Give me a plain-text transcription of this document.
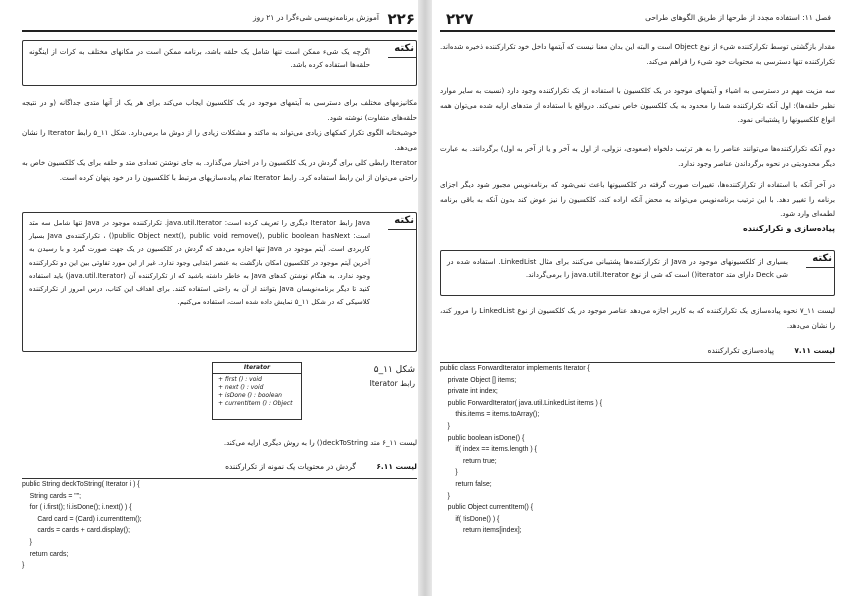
۲۲۶
آموزش برنامه‌نویسی شی‌ءگرا در ۲۱ روز
نکته
اگرچه یک شیء ممکن است تنها شامل یک حلقه باشد، برنامه ممکن است در مکانهای مختلف به کرات از اینگونه حلقه‌ها استفاده کرده باشد.
مکانیزمهای مختلف برای دسترسی به آیتمهای موجود در یک کلکسیون ایجاب می‌کند برای هر یک از آنها متدی جداگانه (و در نتیجه حلقه‌های متفاوت) نوشته شود.
خوشبختانه الگوی تکرار کمکهای زیادی می‌تواند به ماکند و مشکلات زیادی را از دوش ما برمی‌دارد. شکل ۱۱_۵ رابط Iterator را نشان می‌دهد.
Iterator رابطی کلی برای گردش در یک کلکسیون را در اختیار می‌گذارد. به جای نوشتن تعدادی متد و حلقه برای یک کلکسیون خاص به راحتی می‌توان از این رابط استفاده کرد. رابط Iterator تمام پیاده‌سازیهای مرتبط با کلکسیون را در خود پنهان کرده است.
نکته
Java رابط Iterator دیگری را تعریف کرده است: java.util.Iterator. تکرارکننده موجود در Java تنها شامل سه متد است: public Object next(), public void remove(), public boolean hasNext() ، تکرارکننده‌ی Java بسیار کاربردی است. آیتم موجود در Java تنها اجازه می‌دهد که گردش در کلکسیون در یک جهت صورت گیرد و با رسیدن به آخرین آیتم موجود در کلکسیون امکان بازگشت به عنصر ابتدایی وجود ندارد. غیر از این مورد تفاوتی بین این دو تکرارکننده وجود ندارد. به هنگام نوشتن کدهای Java به خاطر داشته باشید که از تکرارکننده آن (java.util.Iterator) باید استفاده کنید تا دیگر برنامه‌نویسان Java بتوانند از آن به راحتی استفاده کنند. برای اهداف این کتاب، درس امروز از تکرارکننده کلاسیکی که در شکل ۱۱_۵ نمایش داده شده است، استفاده می‌کنیم.
شکل ۱۱_۵
رابط Iterator
Iterator
+ first () : void
+ next () : void
+ isDone () : boolean
+ currentItem () : Object
لیست ۱۱_۶ متد deckToString() را به روش دیگری ارایه می‌کند.
لیست ۶.۱۱ گردش در محتویات یک نمونه از تکرارکننده
public String deckToString( Iterator i ) {
String cards = "";
for ( i.first(); !i.isDone(); i.next() ) {
Card card = (Card) i.currentItem();
cards = cards + card.display();
}
return cards;
}
۲۲۷	فصل ۱۱: استفاده مجدد از طرحها از طریق الگوهای طراحی
مقدار بازگشتی توسط تکرارکننده شیء از نوع Object است و البته این بدان معنا نیست که آیتمها داخل خود تکرارکننده ذخیره شده‌اند. تکرارکننده تنها دسترسی به محتویات خود شیء را فراهم می‌کند.
سه مزیت مهم در دسترسی به اشیاء و آیتمهای موجود در یک کلکسیون با استفاده از یک تکرارکننده وجود دارد (نسبت به سایر موارد نظیر حلقه‌ها): اول آنکه تکرارکننده شما را محدود به یک کلکسیون خاص نمی‌کند. درواقع با استفاده از متدهای ارایه شده می‌توان همه انواع کلکسیونها را پشتیبانی نمود.
دوم آنکه تکرارکننده‌ها می‌توانند عناصر را به هر ترتیب دلخواه (صعودی، نزولی، از اول به آخر و یا از آخر به اول) برگردانند. به عبارت دیگر محدودیتی در نحوه برگرداندن عناصر وجود ندارد.
در آخر آنکه با استفاده از تکرارکننده‌ها، تغییرات صورت گرفته در کلکسیونها باعث نمی‌شود که برنامه‌نویس مجبور شود دیگر اجزای برنامه را تغییر دهد. با این ترتیب برنامه‌نویس می‌تواند به محض آنکه اراده کند، کلکسیون را نیز عوض کند بدون آنکه به باقی برنامه لطمه‌ای وارد شود.
پیاده‌سازی و تکرارکننده
نکته
بسیاری از کلکسیونهای موجود در Java از تکرارکننده‌ها پشتیبانی می‌کنند برای مثال LinkedList. استفاده شده در شی Deck دارای متد iterator() است که شی از نوع java.util.Iterator را برمی‌گرداند.
لیست ۱۱_۷ نحوه پیاده‌سازی یک تکرارکننده که به کاربر اجازه می‌دهد عناصر موجود در یک کلکسیون از نوع LinkedList را مرور کند، را نشان می‌دهد.
لیست ۷.۱۱ پیاده‌سازی تکرارکننده
public class ForwardIterator implements Iterator {
private Object [] items;
private int index;
public ForwardIterator( java.util.LinkedList items ) {
this.items = items.toArray();
}
public boolean isDone() {
if( index == items.length ) {
return true;
}
return false;
}
public Object currentItem() {
if( !isDone() ) {
return items[index];
